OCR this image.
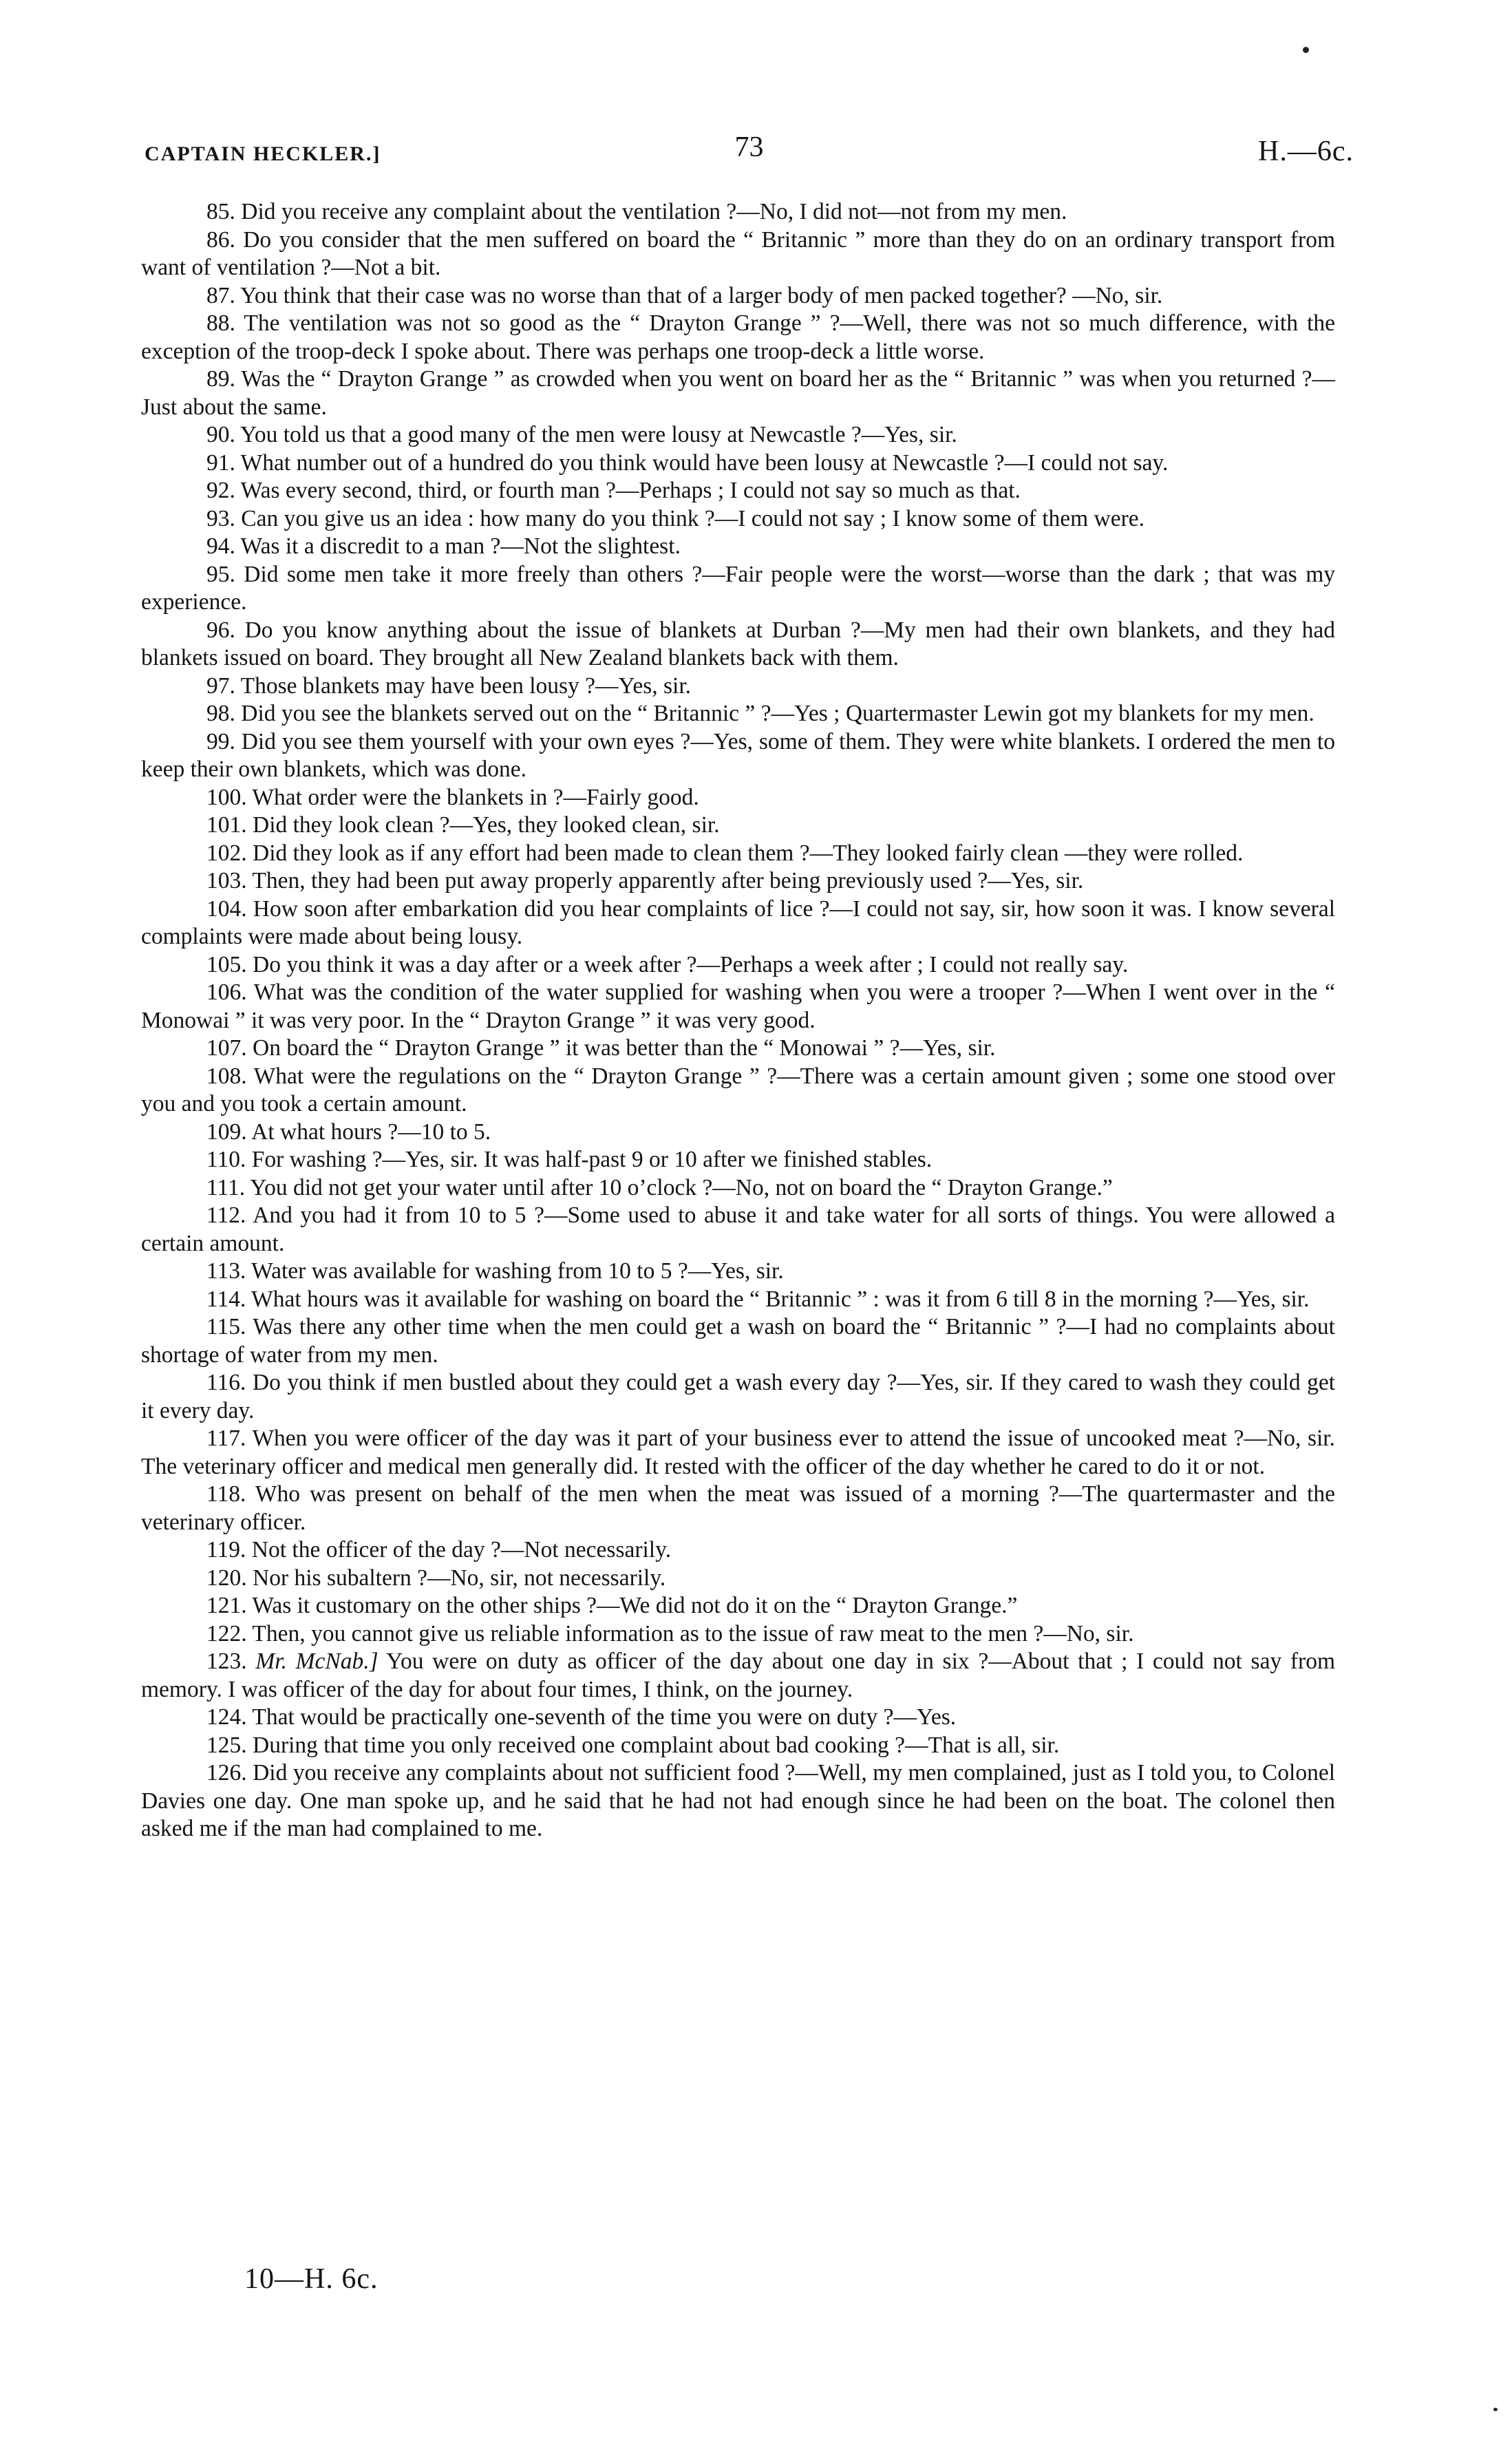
CAPTAIN HECKLER.]	73	H.—6c.

85. Did you receive any complaint about the ventilation ?—No, I did not—not from my men.

86. Do you consider that the men suffered on board the “ Britannic ” more than they do on an ordinary transport from want of ventilation ?—Not a bit.

87. You think that their case was no worse than that of a larger body of men packed together? —No, sir.

88. The ventilation was not so good as the “ Drayton Grange ” ?—Well, there was not so much difference, with the exception of the troop-deck I spoke about. There was perhaps one troop-deck a little worse.

89. Was the “ Drayton Grange ” as crowded when you went on board her as the “ Britannic ” was when you returned ?—Just about the same.

90. You told us that a good many of the men were lousy at Newcastle ?—Yes, sir.

91. What number out of a hundred do you think would have been lousy at Newcastle ?—I could not say.

92. Was every second, third, or fourth man ?—Perhaps ; I could not say so much as that.

93. Can you give us an idea : how many do you think ?—I could not say ; I know some of them were.

94. Was it a discredit to a man ?—Not the slightest.

95. Did some men take it more freely than others ?—Fair people were the worst—worse than the dark ; that was my experience.

96. Do you know anything about the issue of blankets at Durban ?—My men had their own blankets, and they had blankets issued on board. They brought all New Zealand blankets back with them.

97. Those blankets may have been lousy ?—Yes, sir.

98. Did you see the blankets served out on the “ Britannic ” ?—Yes ; Quartermaster Lewin got my blankets for my men.

99. Did you see them yourself with your own eyes ?—Yes, some of them. They were white blankets. I ordered the men to keep their own blankets, which was done.

100. What order were the blankets in ?—Fairly good.

101. Did they look clean ?—Yes, they looked clean, sir.

102. Did they look as if any effort had been made to clean them ?—They looked fairly clean —they were rolled.

103. Then, they had been put away properly apparently after being previously used ?—Yes, sir.

104. How soon after embarkation did you hear complaints of lice ?—I could not say, sir, how soon it was. I know several complaints were made about being lousy.

105. Do you think it was a day after or a week after ?—Perhaps a week after ; I could not really say.

106. What was the condition of the water supplied for washing when you were a trooper ?—When I went over in the “ Monowai ” it was very poor. In the “ Drayton Grange ” it was very good.

107. On board the “ Drayton Grange ” it was better than the “ Monowai ” ?—Yes, sir.

108. What were the regulations on the “ Drayton Grange ” ?—There was a certain amount given ; some one stood over you and you took a certain amount.

109. At what hours ?—10 to 5.

110. For washing ?—Yes, sir. It was half-past 9 or 10 after we finished stables.

111. You did not get your water until after 10 o’clock ?—No, not on board the “ Drayton Grange.”

112. And you had it from 10 to 5 ?—Some used to abuse it and take water for all sorts of things. You were allowed a certain amount.

113. Water was available for washing from 10 to 5 ?—Yes, sir.

114. What hours was it available for washing on board the “ Britannic ” : was it from 6 till 8 in the morning ?—Yes, sir.

115. Was there any other time when the men could get a wash on board the “ Britannic ” ?—I had no complaints about shortage of water from my men.

116. Do you think if men bustled about they could get a wash every day ?—Yes, sir. If they cared to wash they could get it every day.

117. When you were officer of the day was it part of your business ever to attend the issue of uncooked meat ?—No, sir. The veterinary officer and medical men generally did. It rested with the officer of the day whether he cared to do it or not.

118. Who was present on behalf of the men when the meat was issued of a morning ?—The quartermaster and the veterinary officer.

119. Not the officer of the day ?—Not necessarily.

120. Nor his subaltern ?—No, sir, not necessarily.

121. Was it customary on the other ships ?—We did not do it on the “ Drayton Grange.”

122. Then, you cannot give us reliable information as to the issue of raw meat to the men ?—No, sir.

123. Mr. McNab.] You were on duty as officer of the day about one day in six ?—About that ; I could not say from memory. I was officer of the day for about four times, I think, on the journey.

124. That would be practically one-seventh of the time you were on duty ?—Yes.

125. During that time you only received one complaint about bad cooking ?—That is all, sir.

126. Did you receive any complaints about not sufficient food ?—Well, my men complained, just as I told you, to Colonel Davies one day. One man spoke up, and he said that he had not had enough since he had been on the boat. The colonel then asked me if the man had complained to me.

10—H. 6c.
